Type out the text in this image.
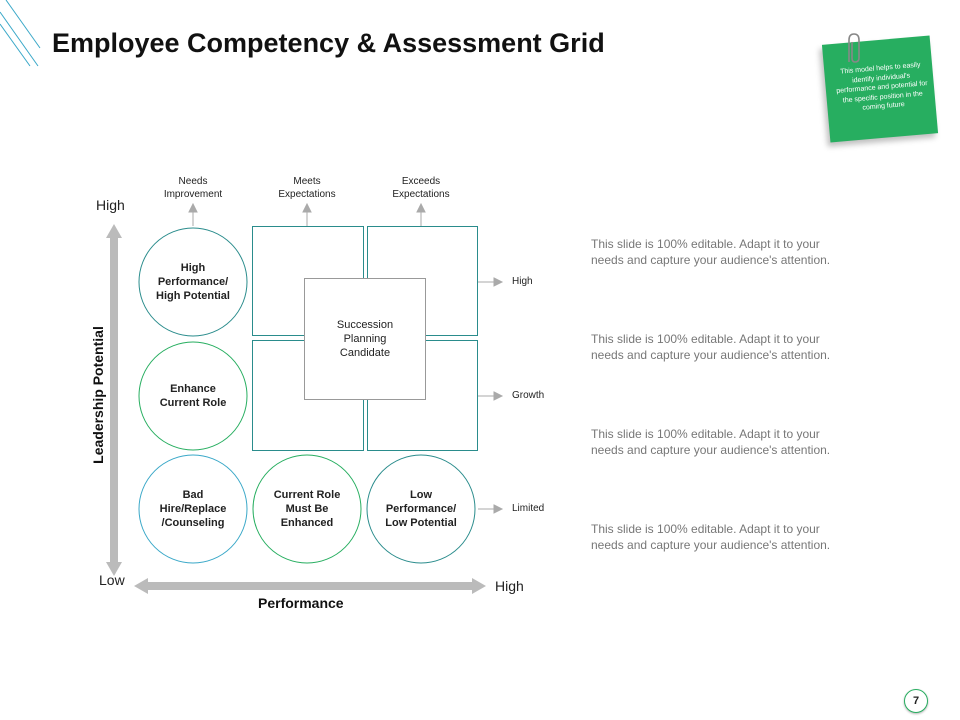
Employee Competency & Assessment Grid
This model helps to easily identify individual's performance and potential for the specific position in the coming future
Needs
Improvement
Meets
Expectations
Exceeds
Expectations
Succession
Planning
Candidate
High
Performance/
High Potential
Enhance
Current Role
Bad
Hire/Replace
/Counseling
Current Role
Must Be
Enhanced
Low
Performance/
Low Potential
High
Low	High
Performance
Leadership Potential
High
Growth
Limited
This slide is 100% editable. Adapt it to your
needs and capture your audience's attention.
This slide is 100% editable. Adapt it to your
needs and capture your audience's attention.
This slide is 100% editable. Adapt it to your
needs and capture your audience's attention.
This slide is 100% editable. Adapt it to your
needs and capture your audience's attention.
7
